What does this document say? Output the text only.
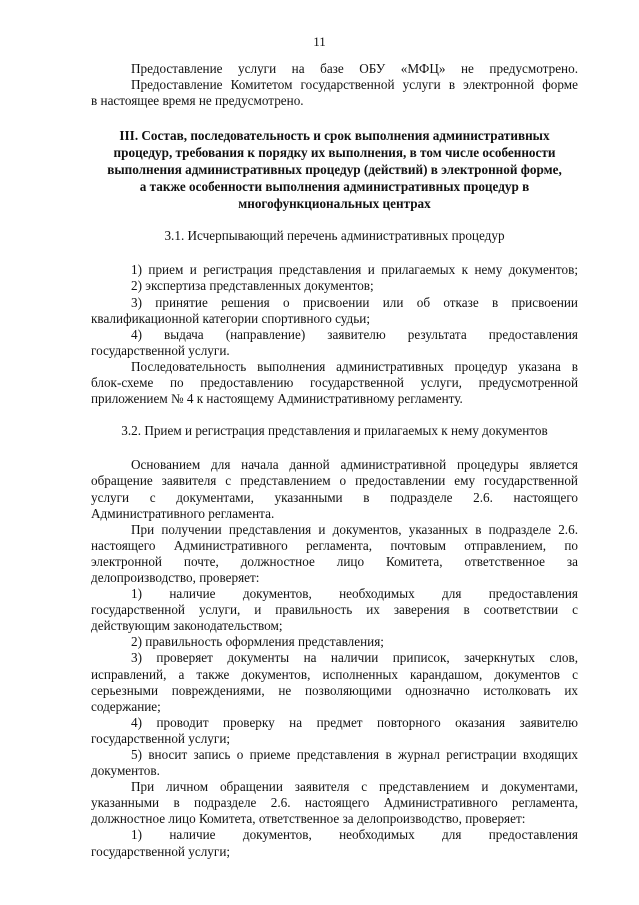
11

Предоставление услуги на базе ОБУ «МФЦ» не предусмотрено.

Предоставление Комитетом государственной услуги в электронной форме

в настоящее время не предусмотрено.

III. Состав, последовательность и срок выполнения административных

процедур, требования к порядку их выполнения, в том числе особенности

выполнения административных процедур (действий) в электронной форме,

а также особенности выполнения административных процедур в

многофункциональных центрах

3.1. Исчерпывающий перечень административных процедур

1) прием и регистрация представления и прилагаемых к нему документов;

2) экспертиза представленных документов;

3) принятие решения о присвоении или об отказе в присвоении

квалификационной категории спортивного судьи;

4) выдача (направление) заявителю результата предоставления

государственной услуги.

Последовательность выполнения административных процедур указана в

блок-схеме по предоставлению государственной услуги, предусмотренной

приложением № 4 к настоящему Административному регламенту.

3.2. Прием и регистрация представления и прилагаемых к нему документов

Основанием для начала данной административной процедуры является

обращение заявителя с представлением о предоставлении ему государственной

услуги с документами, указанными в подразделе 2.6. настоящего

Административного регламента.

При получении представления и документов, указанных в подразделе 2.6.

настоящего Административного регламента, почтовым отправлением, по

электронной почте, должностное лицо Комитета, ответственное за

делопроизводство, проверяет:

1) наличие документов, необходимых для предоставления

государственной услуги, и правильность их заверения в соответствии с

действующим законодательством;

2) правильность оформления представления;

3) проверяет документы на наличии приписок, зачеркнутых слов,

исправлений, а также документов, исполненных карандашом, документов с

серьезными повреждениями, не позволяющими однозначно истолковать их

содержание;

4) проводит проверку на предмет повторного оказания заявителю

государственной услуги;

5) вносит запись о приеме представления в журнал регистрации входящих

документов.

При личном обращении заявителя с представлением и документами,

указанными в подразделе 2.6. настоящего Административного регламента,

должностное лицо Комитета, ответственное за делопроизводство, проверяет:

1) наличие документов, необходимых для предоставления

государственной услуги;
